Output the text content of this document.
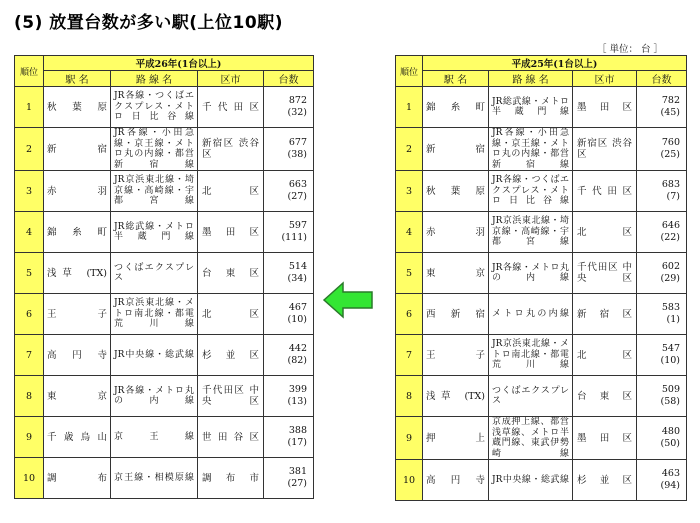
(5) 放置台数が多い駅(上位10駅)
［ 単位： 台 ］
順位	平成26年(1台以上)			
	駅 名	路 線 名	区市	台数
1	秋葉原	JR各線・つくばエクスプレス・メトロ日比谷線	千代田区	872
(32)

2	新宿	JR各線・小田急線・京王線・メトロ丸の内線・都営新宿線	新宿区 渋谷区	677
(38)

3	赤羽	JR京浜東北線・埼京線・高崎線・宇都宮線	北区	663
(27)

4	錦糸町	JR総武線・メトロ半蔵門線	墨田区	597
(111)

5	浅草 (TX)	つくばエクスプレス	台東区	514
(34)

6	王子	JR京浜東北線・メトロ南北線・都電荒川線	北区	467
(10)

7	高円寺	JR中央線・総武線	杉並区	442
(82)

8	東京	JR各線・メトロ丸の内線	千代田区 中央区	399
(13)

9	千歳烏山	京王線	世田谷区	388
(17)

10	調布	京王線・相模原線	調布市	381
(27)
順位	平成25年(1台以上)			
	駅 名	路 線 名	区市	台数
1	錦糸町	JR総武線・メトロ半蔵門線	墨田区	782
(45)

2	新宿	JR各線・小田急線・京王線・メトロ丸の内線・都営新宿線	新宿区 渋谷区	760
(25)

3	秋葉原	JR各線・つくばエクスプレス・メトロ日比谷線	千代田区	683
(7)

4	赤羽	JR京浜東北線・埼京線・高崎線・宇都宮線	北区	646
(22)

5	東京	JR各線・メトロ丸の内線	千代田区 中央区	602
(29)

6	西新宿	メトロ丸の内線	新宿区	583
(1)

7	王子	JR京浜東北線・メトロ南北線・都電荒川線	北区	547
(10)

8	浅草 (TX)	つくばエクスプレス	台東区	509
(58)

9	押上	京成押上線、都営浅草線、メトロ半蔵門線、東武伊勢崎線	墨田区	480
(50)

10	高円寺	JR中央線・総武線	杉並区	463
(94)
